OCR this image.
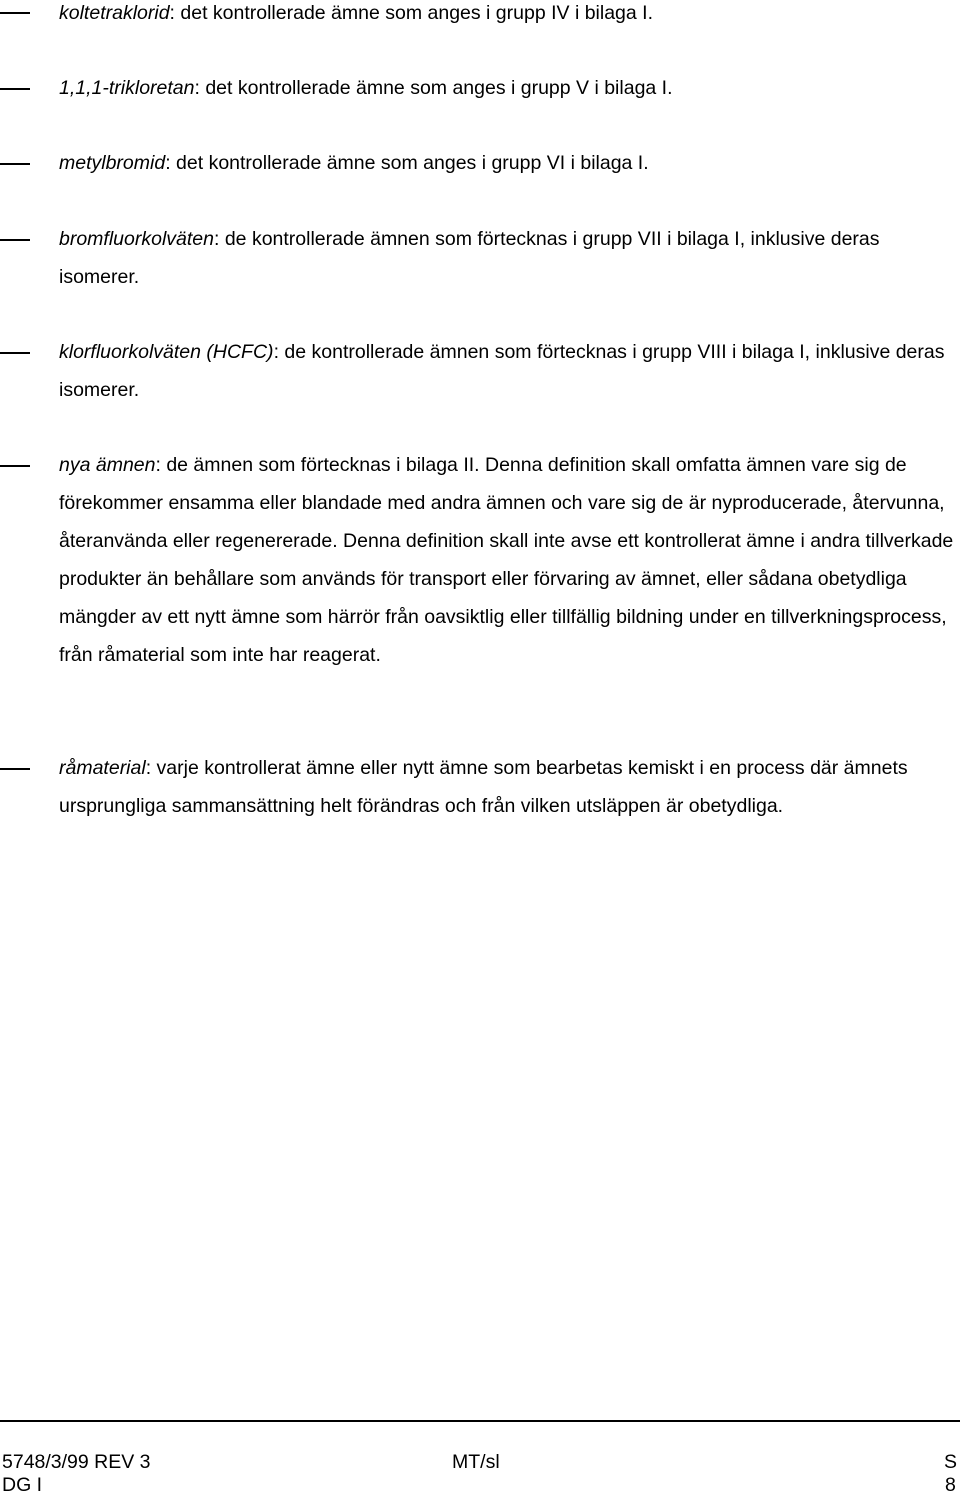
koltetraklorid: det kontrollerade ämne som anges i grupp IV i bilaga I.
1,1,1-trikloretan: det kontrollerade ämne som anges i grupp V i bilaga I.
metylbromid: det kontrollerade ämne som anges i grupp VI i bilaga I.
bromfluorkolväten: de kontrollerade ämnen som förtecknas i grupp VII i bilaga I, inklusive deras isomerer.
klorfluorkolväten (HCFC): de kontrollerade ämnen som förtecknas i grupp VIII i bilaga I, inklusive deras isomerer.
nya ämnen: de ämnen som förtecknas i bilaga II. Denna definition skall omfatta ämnen vare sig de förekommer ensamma eller blandade med andra ämnen och vare sig de är nyproducerade, återvunna, återanvända eller regenererade. Denna definition skall inte avse ett kontrollerat ämne i andra tillverkade produkter än behållare som används för transport eller förvaring av ämnet, eller sådana obetydliga mängder av ett nytt ämne som härrör från oavsiktlig eller tillfällig bildning under en tillverkningsprocess, från råmaterial som inte har reagerat.
råmaterial: varje kontrollerat ämne eller nytt ämne som bearbetas kemiskt i en process där ämnets ursprungliga sammansättning helt förändras och från vilken utsläppen är obetydliga.
5748/3/99 REV 3	MT/sl	S
DG I	8
